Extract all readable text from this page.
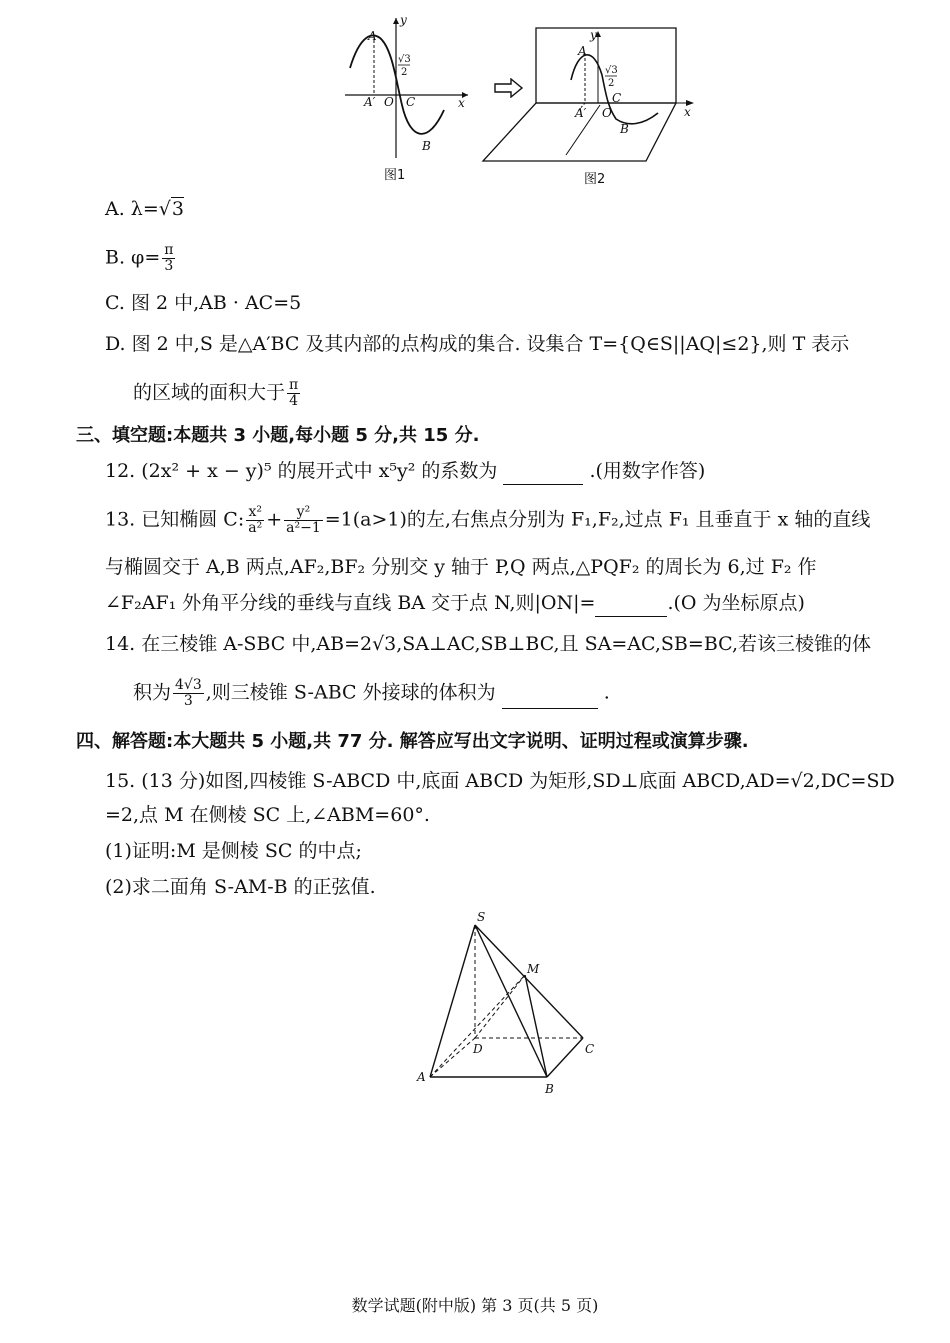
A
A′ O C
B
x
y
√3
2
图1
A
A′ O
C
B
x
y
√3
2
图2
A. λ=√3
B. $\varphi= \frac{\pi}{3}$
C. 图 2 中,AB · AC=5
D. 图 2 中,S 是△A′BC 及其内部的点构成的集合. 设集合 T={Q∈S||AQ|≤2},则 T 表示
的区域的面积大于 $\frac{\pi}{4}$
三、填空题:本题共 3 小题,每小题 5 分,共 15 分.
12. (2x² + x − y)⁵ 的展开式中 x⁵y² 的系数为	.(用数字作答)
13. 已知椭圆 C: $\frac{\text{x²}}{\text{a²}} + \frac{\text{y²}}{\text{a²−1}} =1(a>1)$的左,右焦点分别为 F₁,F₂,过点 F₁ 且垂直于 x 轴的直线
与椭圆交于 A,B 两点,AF₂,BF₂ 分别交 y 轴于 P,Q 两点,△PQF₂ 的周长为 6,过 F₂ 作
∠F₂AF₁ 外角平分线的垂线与直线 BA 交于点 N,则|ON|=	.(O 为坐标原点)
14. 在三棱锥 A-SBC 中,AB=2√3,SA⊥AC,SB⊥BC,且 SA=AC,SB=BC,若该三棱锥的体
积为 $\frac{4√3}{3}$ ,则三棱锥 S-ABC 外接球的体积为	.
四、解答题:本大题共 5 小题,共 77 分. 解答应写出文字说明、证明过程或演算步骤.
15. (13 分)如图,四棱锥 S-ABCD 中,底面 ABCD 为矩形,SD⊥底面 ABCD,AD=√2,DC=SD
=2,点 M 在侧棱 SC 上,∠ABM=60°.
(1)证明:M 是侧棱 SC 的中点;
(2)求二面角 S-AM-B 的正弦值.
S
M
D	C
A
B
数学试题(附中版) 第 3 页(共 5 页)
